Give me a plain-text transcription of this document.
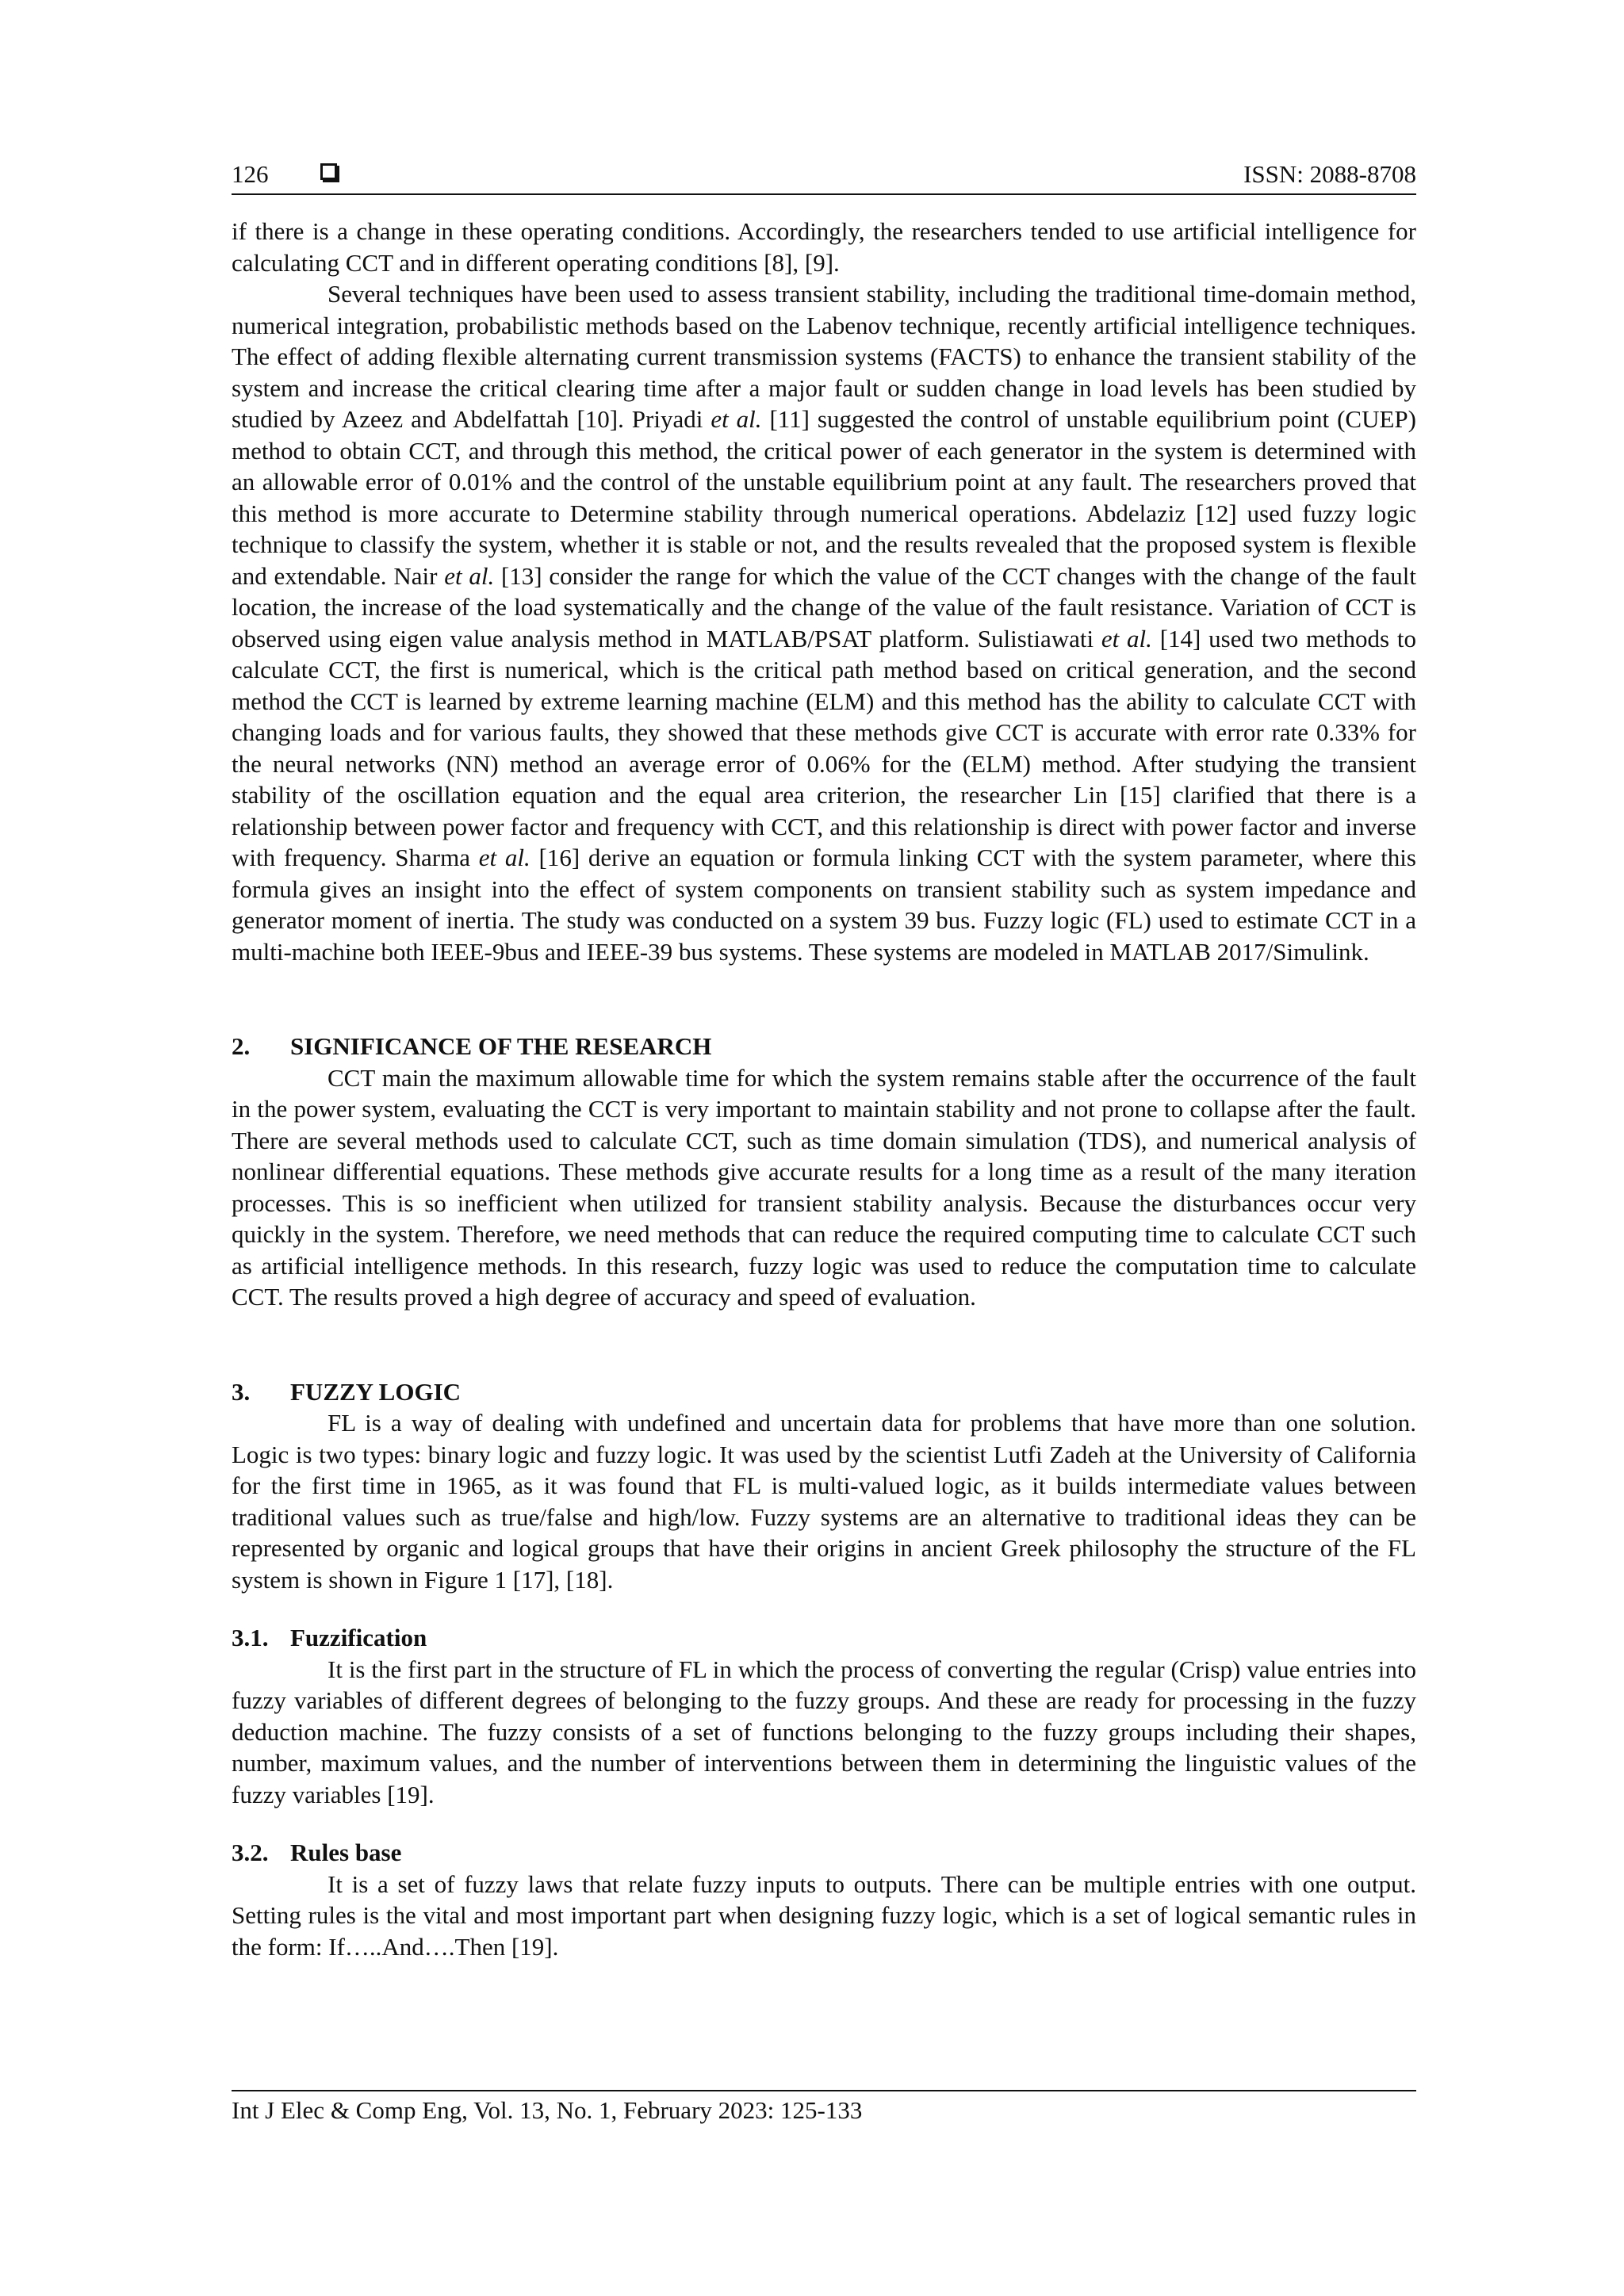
126	ISSN: 2088-8708

if there is a change in these operating conditions. Accordingly, the researchers tended to use artificial intelligence for calculating CCT and in different operating conditions [8], [9].

Several techniques have been used to assess transient stability, including the traditional time-domain method, numerical integration, probabilistic methods based on the Labenov technique, recently artificial intelligence techniques. The effect of adding flexible alternating current transmission systems (FACTS) to enhance the transient stability of the system and increase the critical clearing time after a major fault or sudden change in load levels has been studied by studied by Azeez and Abdelfattah [10]. Priyadi et al. [11] suggested the control of unstable equilibrium point (CUEP) method to obtain CCT, and through this method, the critical power of each generator in the system is determined with an allowable error of 0.01% and the control of the unstable equilibrium point at any fault. The researchers proved that this method is more accurate to Determine stability through numerical operations. Abdelaziz [12] used fuzzy logic technique to classify the system, whether it is stable or not, and the results revealed that the proposed system is flexible and extendable. Nair et al. [13] consider the range for which the value of the CCT changes with the change of the fault location, the increase of the load systematically and the change of the value of the fault resistance. Variation of CCT is observed using eigen value analysis method in MATLAB/PSAT platform. Sulistiawati et al. [14] used two methods to calculate CCT, the first is numerical, which is the critical path method based on critical generation, and the second method the CCT is learned by extreme learning machine (ELM) and this method has the ability to calculate CCT with changing loads and for various faults, they showed that these methods give CCT is accurate with error rate 0.33% for the neural networks (NN) method an average error of 0.06% for the (ELM) method. After studying the transient stability of the oscillation equation and the equal area criterion, the researcher Lin [15] clarified that there is a relationship between power factor and frequency with CCT, and this relationship is direct with power factor and inverse with frequency. Sharma et al. [16] derive an equation or formula linking CCT with the system parameter, where this formula gives an insight into the effect of system components on transient stability such as system impedance and generator moment of inertia. The study was conducted on a system 39 bus. Fuzzy logic (FL) used to estimate CCT in a multi-machine both IEEE-9bus and IEEE-39 bus systems. These systems are modeled in MATLAB 2017/Simulink.

2. SIGNIFICANCE OF THE RESEARCH

CCT main the maximum allowable time for which the system remains stable after the occurrence of the fault in the power system, evaluating the CCT is very important to maintain stability and not prone to collapse after the fault. There are several methods used to calculate CCT, such as time domain simulation (TDS), and numerical analysis of nonlinear differential equations. These methods give accurate results for a long time as a result of the many iteration processes. This is so inefficient when utilized for transient stability analysis. Because the disturbances occur very quickly in the system. Therefore, we need methods that can reduce the required computing time to calculate CCT such as artificial intelligence methods. In this research, fuzzy logic was used to reduce the computation time to calculate CCT. The results proved a high degree of accuracy and speed of evaluation.

3. FUZZY LOGIC

FL is a way of dealing with undefined and uncertain data for problems that have more than one solution. Logic is two types: binary logic and fuzzy logic. It was used by the scientist Lutfi Zadeh at the University of California for the first time in 1965, as it was found that FL is multi-valued logic, as it builds intermediate values between traditional values such as true/false and high/low. Fuzzy systems are an alternative to traditional ideas they can be represented by organic and logical groups that have their origins in ancient Greek philosophy the structure of the FL system is shown in Figure 1 [17], [18].

3.1. Fuzzification

It is the first part in the structure of FL in which the process of converting the regular (Crisp) value entries into fuzzy variables of different degrees of belonging to the fuzzy groups. And these are ready for processing in the fuzzy deduction machine. The fuzzy consists of a set of functions belonging to the fuzzy groups including their shapes, number, maximum values, and the number of interventions between them in determining the linguistic values of the fuzzy variables [19].

3.2. Rules base

It is a set of fuzzy laws that relate fuzzy inputs to outputs. There can be multiple entries with one output. Setting rules is the vital and most important part when designing fuzzy logic, which is a set of logical semantic rules in the form: If…..And….Then [19].

Int J Elec & Comp Eng, Vol. 13, No. 1, February 2023: 125-133
